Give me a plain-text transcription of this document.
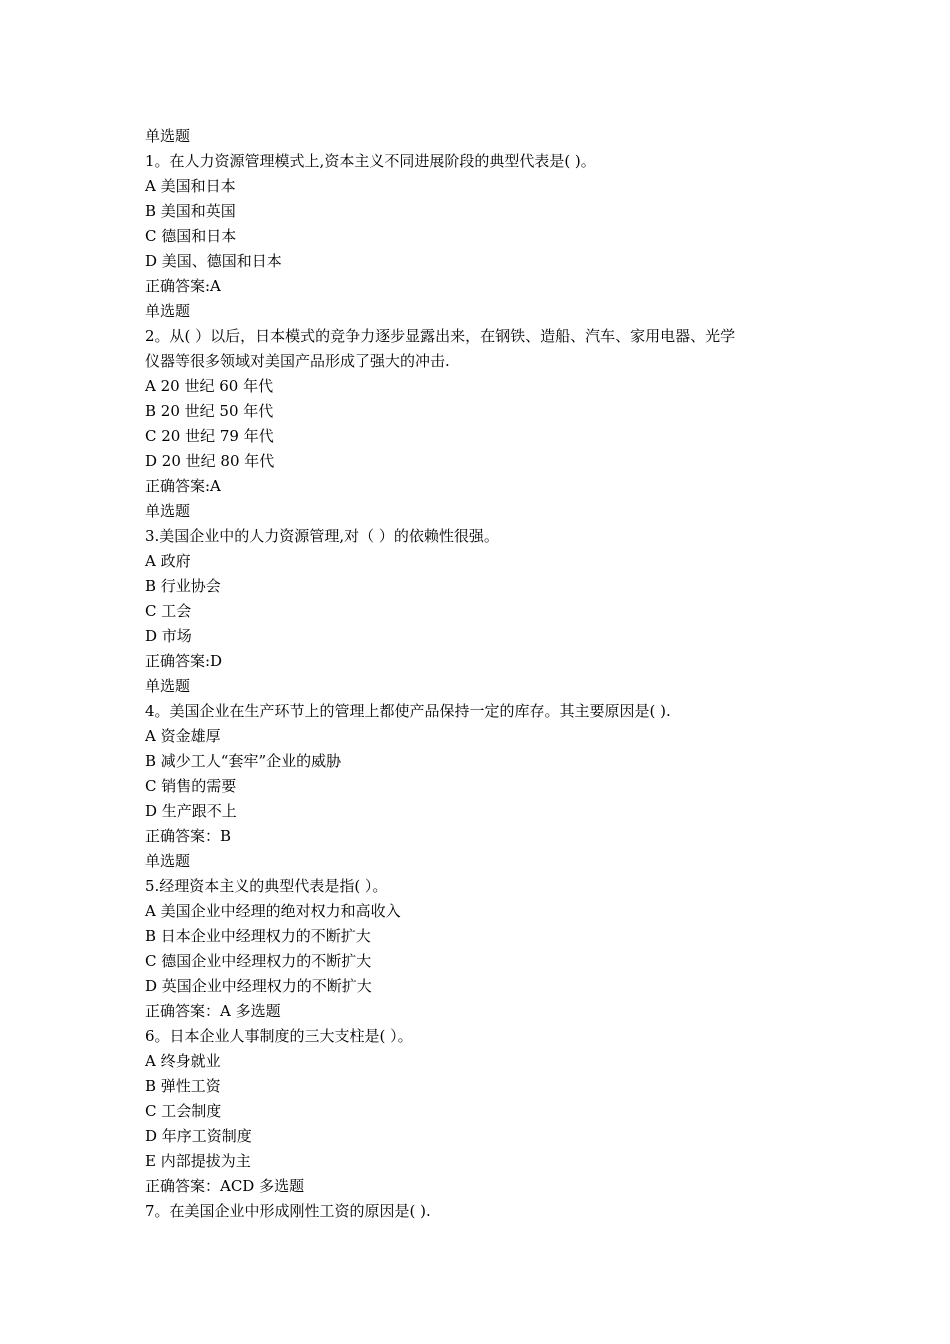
单选题
1。在人力资源管理模式上,资本主义不同进展阶段的典型代表是( )。
A 美国和日本
B 美国和英国
C 德国和日本
D 美国、德国和日本
正确答案:A
单选题
2。从( ）以后，日本模式的竞争力逐步显露出来，在钢铁、造船、汽车、家用电器、光学
仪器等很多领域对美国产品形成了强大的冲击.
A 20 世纪 60 年代
B 20 世纪 50 年代
C 20 世纪 79 年代
D 20 世纪 80 年代
正确答案:A
单选题
3.美国企业中的人力资源管理,对（ ）的依赖性很强。
A 政府
B 行业协会
C 工会
D 市场
正确答案:D
单选题
4。美国企业在生产环节上的管理上都使产品保持一定的库存。其主要原因是( ).
A 资金雄厚
B 减少工人“套牢”企业的威胁
C 销售的需要
D 生产跟不上
正确答案：B
单选题
5.经理资本主义的典型代表是指( ）。
A 美国企业中经理的绝对权力和高收入
B 日本企业中经理权力的不断扩大
C 德国企业中经理权力的不断扩大
D 英国企业中经理权力的不断扩大
正确答案：A 多选题
6。日本企业人事制度的三大支柱是( ）。
A 终身就业
B 弹性工资
C 工会制度
D 年序工资制度
E 内部提拔为主
正确答案：ACD 多选题
7。在美国企业中形成刚性工资的原因是( ).
